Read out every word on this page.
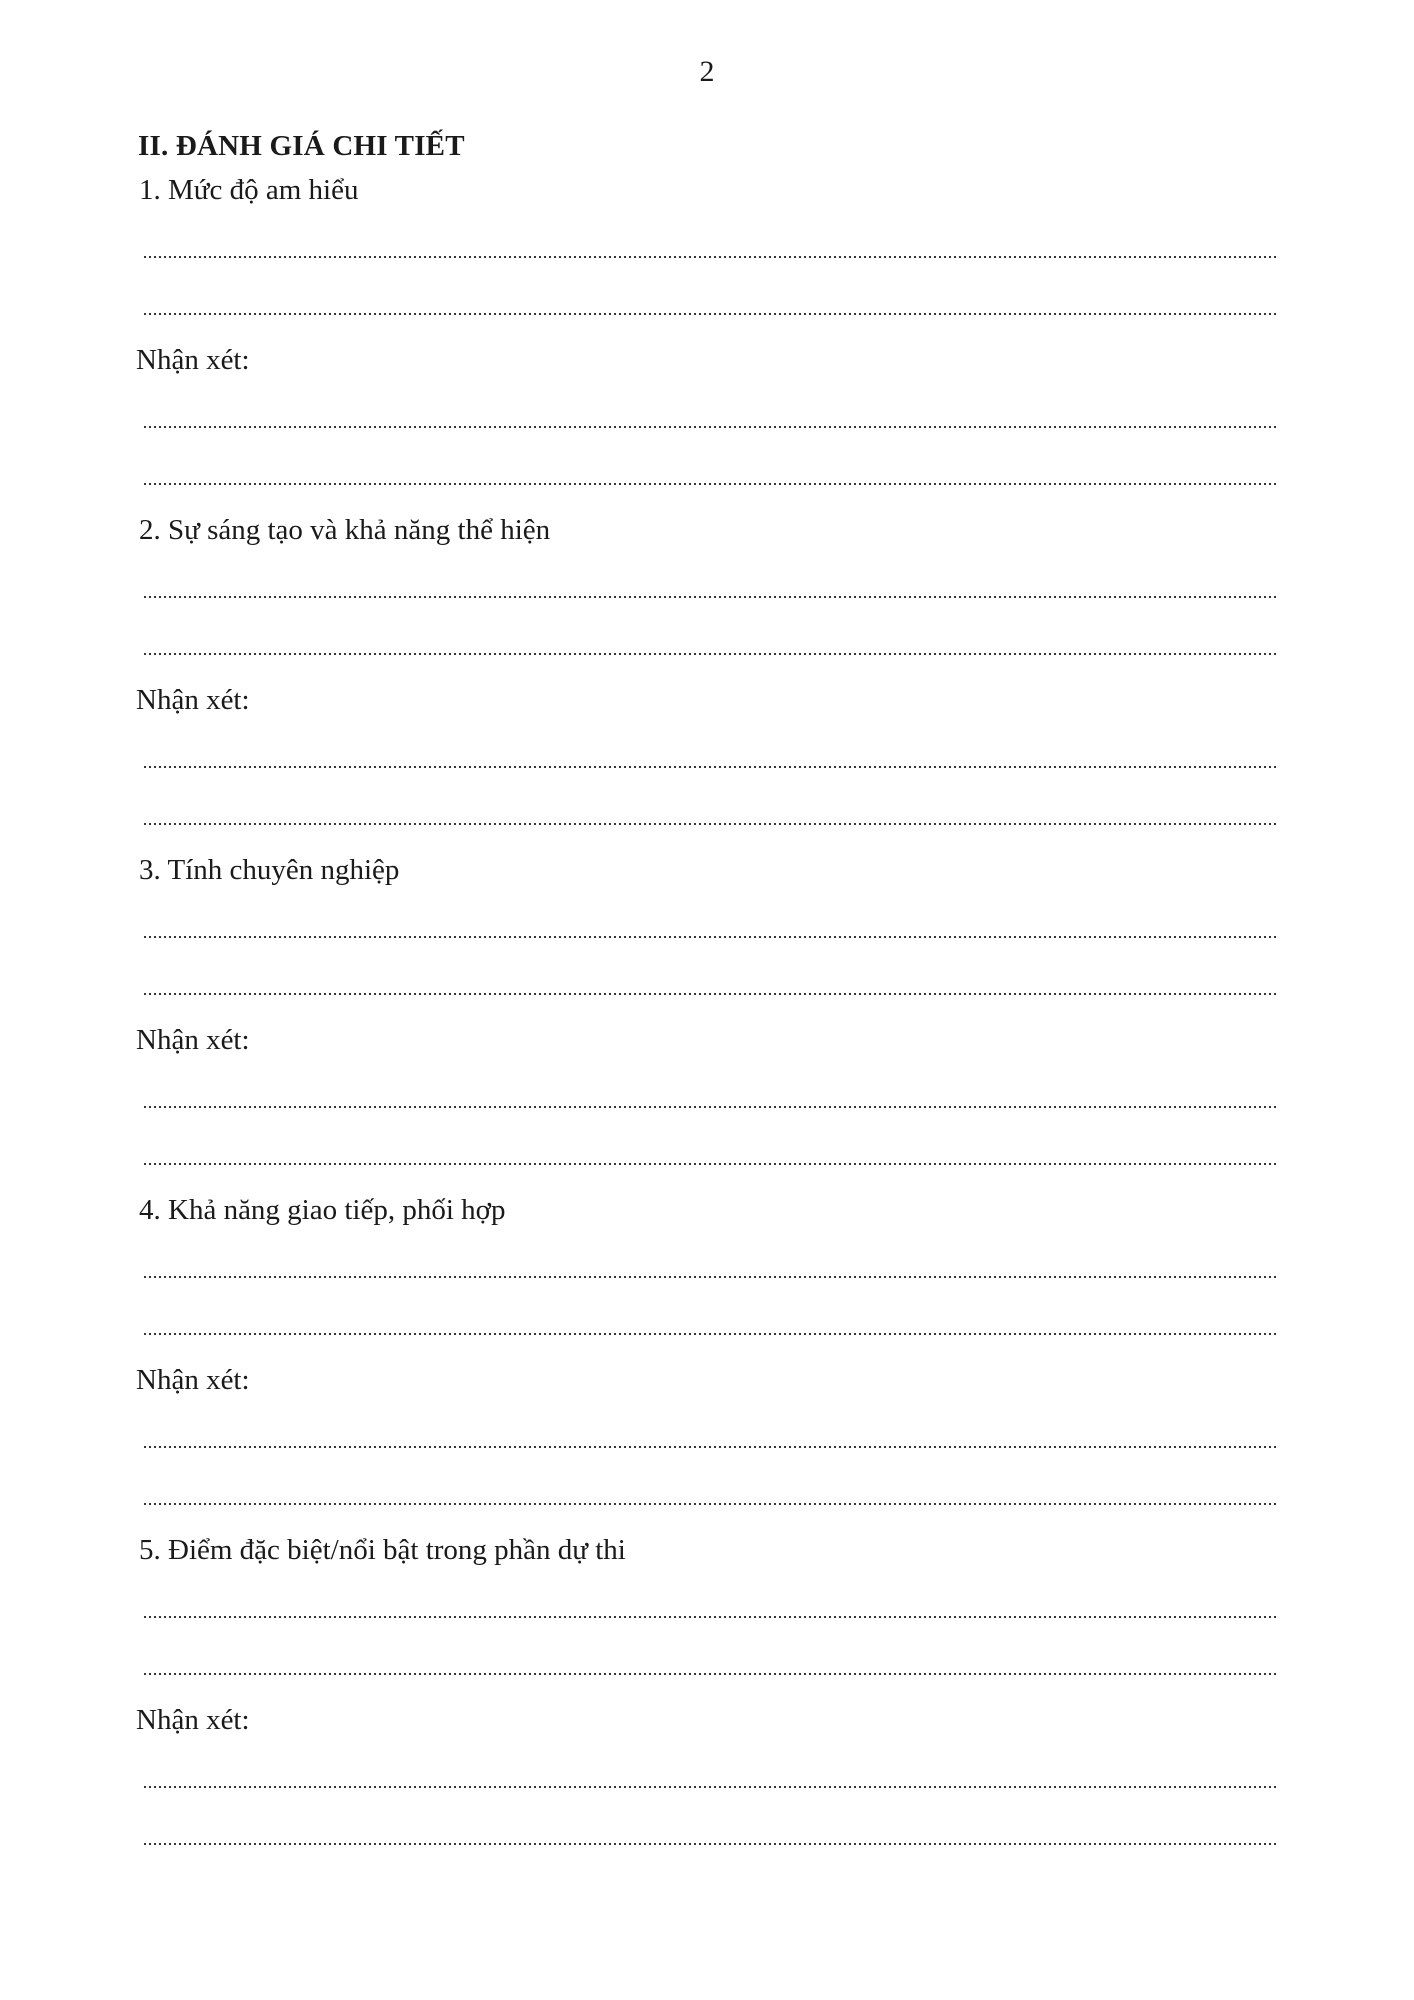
2
II. ĐÁNH GIÁ CHI TIẾT
1. Mức độ am hiểu
Nhận xét:
2. Sự sáng tạo và khả năng thể hiện
Nhận xét:
3. Tính chuyên nghiệp
Nhận xét:
4. Khả năng giao tiếp, phối hợp
Nhận xét:
5. Điểm đặc biệt/nổi bật trong phần dự thi
Nhận xét:
